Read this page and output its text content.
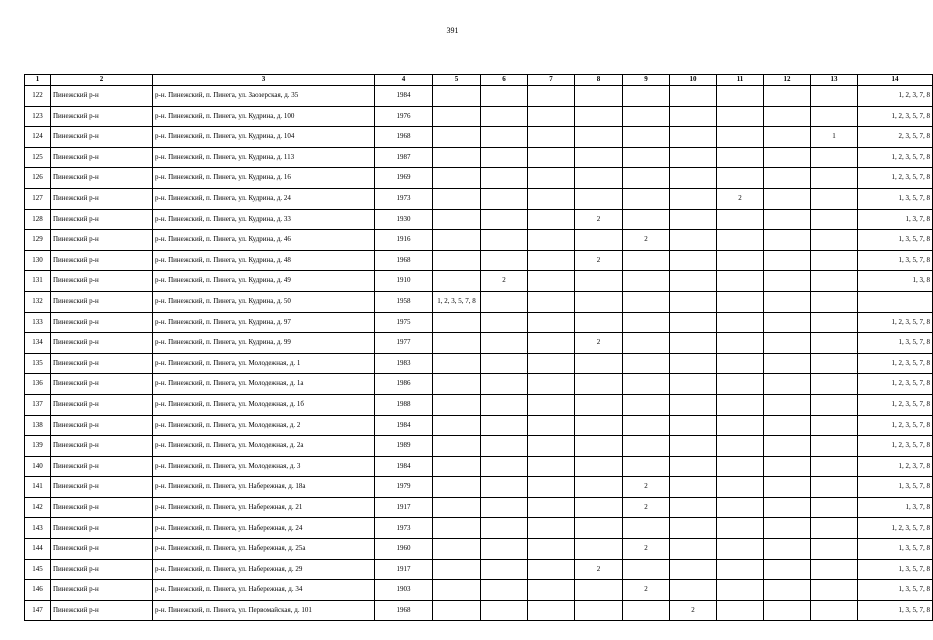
391
1	2	3	4	5	6	7	8	9	10	11	12	13	14
122	Пинежский р-н	р-н. Пинежский, п. Пинега, ул. Заозерская, д. 35	1984										1, 2, 3, 7, 8
123	Пинежский р-н	р-н. Пинежский, п. Пинега, ул. Кудрина, д. 100	1976										1, 2, 3, 5, 7, 8
124	Пинежский р-н	р-н. Пинежский, п. Пинега, ул. Кудрина, д. 104	1968									1	2, 3, 5, 7, 8
125	Пинежский р-н	р-н. Пинежский, п. Пинега, ул. Кудрина, д. 113	1987										1, 2, 3, 5, 7, 8
126	Пинежский р-н	р-н. Пинежский, п. Пинега, ул. Кудрина, д. 16	1969										1, 2, 3, 5, 7, 8
127	Пинежский р-н	р-н. Пинежский, п. Пинега, ул. Кудрина, д. 24	1973							2			1, 3, 5, 7, 8
128	Пинежский р-н	р-н. Пинежский, п. Пинега, ул. Кудрина, д. 33	1930				2						1, 3, 7, 8
129	Пинежский р-н	р-н. Пинежский, п. Пинега, ул. Кудрина, д. 46	1916					2					1, 3, 5, 7, 8
130	Пинежский р-н	р-н. Пинежский, п. Пинега, ул. Кудрина, д. 48	1968				2						1, 3, 5, 7, 8
131	Пинежский р-н	р-н. Пинежский, п. Пинега, ул. Кудрина, д. 49	1910		2								1, 3, 8
132	Пинежский р-н	р-н. Пинежский, п. Пинега, ул. Кудрина, д. 50	1958	1, 2, 3, 5, 7, 8									
133	Пинежский р-н	р-н. Пинежский, п. Пинега, ул. Кудрина, д. 97	1975										1, 2, 3, 5, 7, 8
134	Пинежский р-н	р-н. Пинежский, п. Пинега, ул. Кудрина, д. 99	1977				2						1, 3, 5, 7, 8
135	Пинежский р-н	р-н. Пинежский, п. Пинега, ул. Молодежная, д. 1	1983										1, 2, 3, 5, 7, 8
136	Пинежский р-н	р-н. Пинежский, п. Пинега, ул. Молодежная, д. 1а	1986										1, 2, 3, 5, 7, 8
137	Пинежский р-н	р-н. Пинежский, п. Пинега, ул. Молодежная, д. 1б	1988										1, 2, 3, 5, 7, 8
138	Пинежский р-н	р-н. Пинежский, п. Пинега, ул. Молодежная, д. 2	1984										1, 2, 3, 5, 7, 8
139	Пинежский р-н	р-н. Пинежский, п. Пинега, ул. Молодежная, д. 2а	1989										1, 2, 3, 5, 7, 8
140	Пинежский р-н	р-н. Пинежский, п. Пинега, ул. Молодежная, д. 3	1984										1, 2, 3, 7, 8
141	Пинежский р-н	р-н. Пинежский, п. Пинега, ул. Набережная, д. 18а	1979					2					1, 3, 5, 7, 8
142	Пинежский р-н	р-н. Пинежский, п. Пинега, ул. Набережная, д. 21	1917					2					1, 3, 7, 8
143	Пинежский р-н	р-н. Пинежский, п. Пинега, ул. Набережная, д. 24	1973										1, 2, 3, 5, 7, 8
144	Пинежский р-н	р-н. Пинежский, п. Пинега, ул. Набережная, д. 25а	1960					2					1, 3, 5, 7, 8
145	Пинежский р-н	р-н. Пинежский, п. Пинега, ул. Набережная, д. 29	1917				2						1, 3, 5, 7, 8
146	Пинежский р-н	р-н. Пинежский, п. Пинега, ул. Набережная, д. 34	1903					2					1, 3, 5, 7, 8
147	Пинежский р-н	р-н. Пинежский, п. Пинега, ул. Первомайская, д. 101	1968						2				1, 3, 5, 7, 8
